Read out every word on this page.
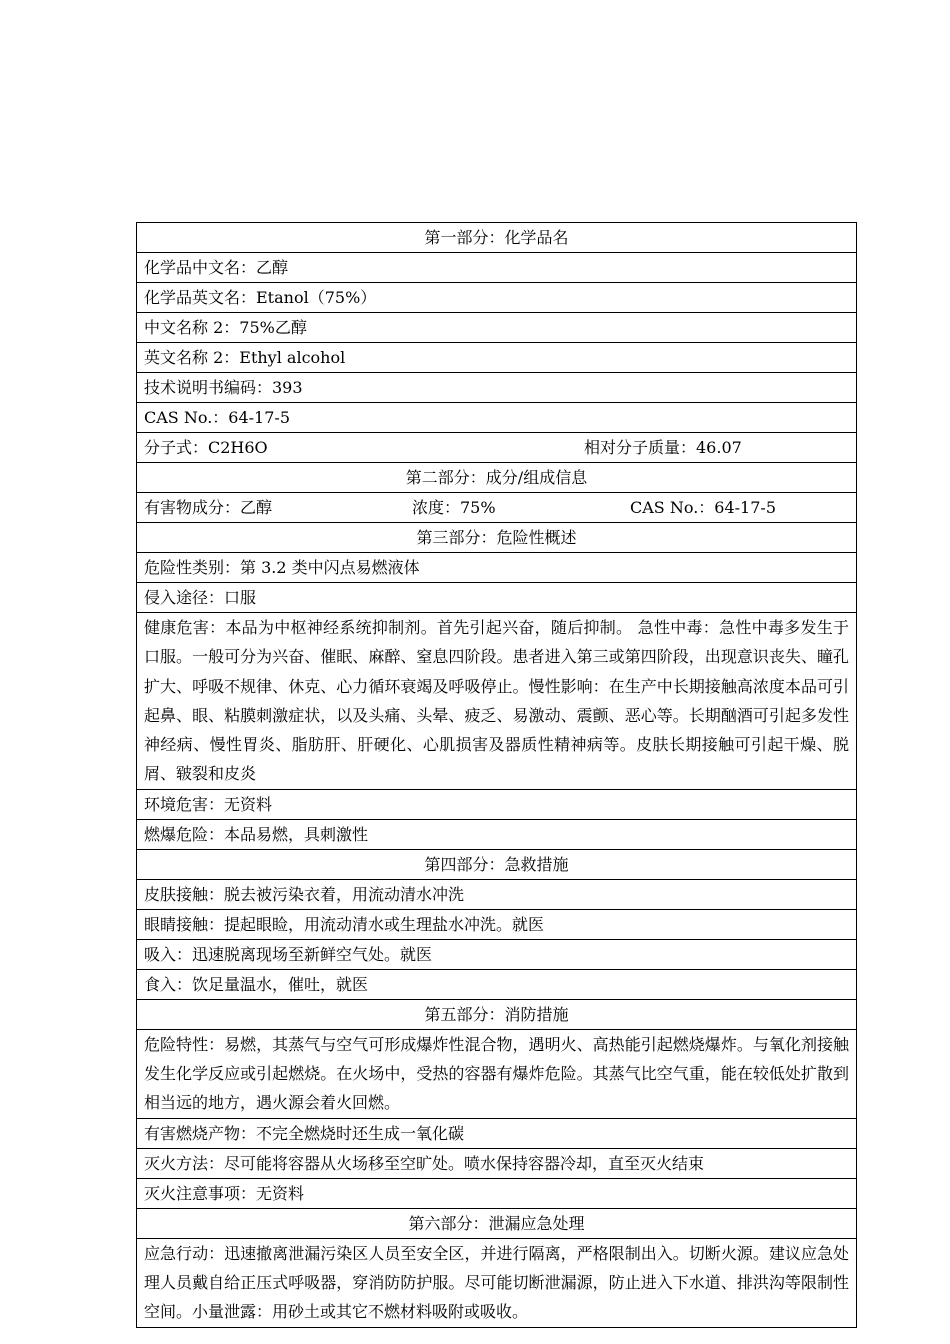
第一部分：化学品名
化学品中文名：乙醇
化学品英文名：Etanol（75%）
中文名称 2：75%乙醇
英文名称 2：Ethyl alcohol
技术说明书编码：393
CAS No.：64-17-5

分子式：C2H6O	相对分子质量：46.07

第二部分：成分/组成信息

有害物成分：乙醇	浓度：75%	CAS No.：64-17-5

第三部分：危险性概述
危险性类别：第 3.2 类中闪点易燃液体
侵入途径：口服
健康危害：本品为中枢神经系统抑制剂。首先引起兴奋，随后抑制。 急性中毒：急性中毒多发生于口服。一般可分为兴奋、催眠、麻醉、窒息四阶段。患者进入第三或第四阶段，出现意识丧失、瞳孔扩大、呼吸不规律、休克、心力循环衰竭及呼吸停止。慢性影响：在生产中长期接触高浓度本品可引起鼻、眼、粘膜刺激症状，以及头痛、头晕、疲乏、易激动、震颤、恶心等。长期酗酒可引起多发性神经病、慢性胃炎、脂肪肝、肝硬化、心肌损害及器质性精神病等。皮肤长期接触可引起干燥、脱屑、皲裂和皮炎
环境危害：无资料
燃爆危险：本品易燃，具刺激性
第四部分：急救措施
皮肤接触：脱去被污染衣着，用流动清水冲洗
眼睛接触：提起眼睑，用流动清水或生理盐水冲洗。就医
吸入：迅速脱离现场至新鲜空气处。就医
食入：饮足量温水，催吐，就医
第五部分：消防措施
危险特性：易燃，其蒸气与空气可形成爆炸性混合物，遇明火、高热能引起燃烧爆炸。与氧化剂接触发生化学反应或引起燃烧。在火场中，受热的容器有爆炸危险。其蒸气比空气重，能在较低处扩散到相当远的地方，遇火源会着火回燃。
有害燃烧产物：不完全燃烧时还生成一氧化碳
灭火方法：尽可能将容器从火场移至空旷处。喷水保持容器冷却，直至灭火结束
灭火注意事项：无资料
第六部分：泄漏应急处理
应急行动：迅速撤离泄漏污染区人员至安全区，并进行隔离，严格限制出入。切断火源。建议应急处理人员戴自给正压式呼吸器，穿消防防护服。尽可能切断泄漏源，防止进入下水道、排洪沟等限制性空间。小量泄露：用砂土或其它不燃材料吸附或吸收。
